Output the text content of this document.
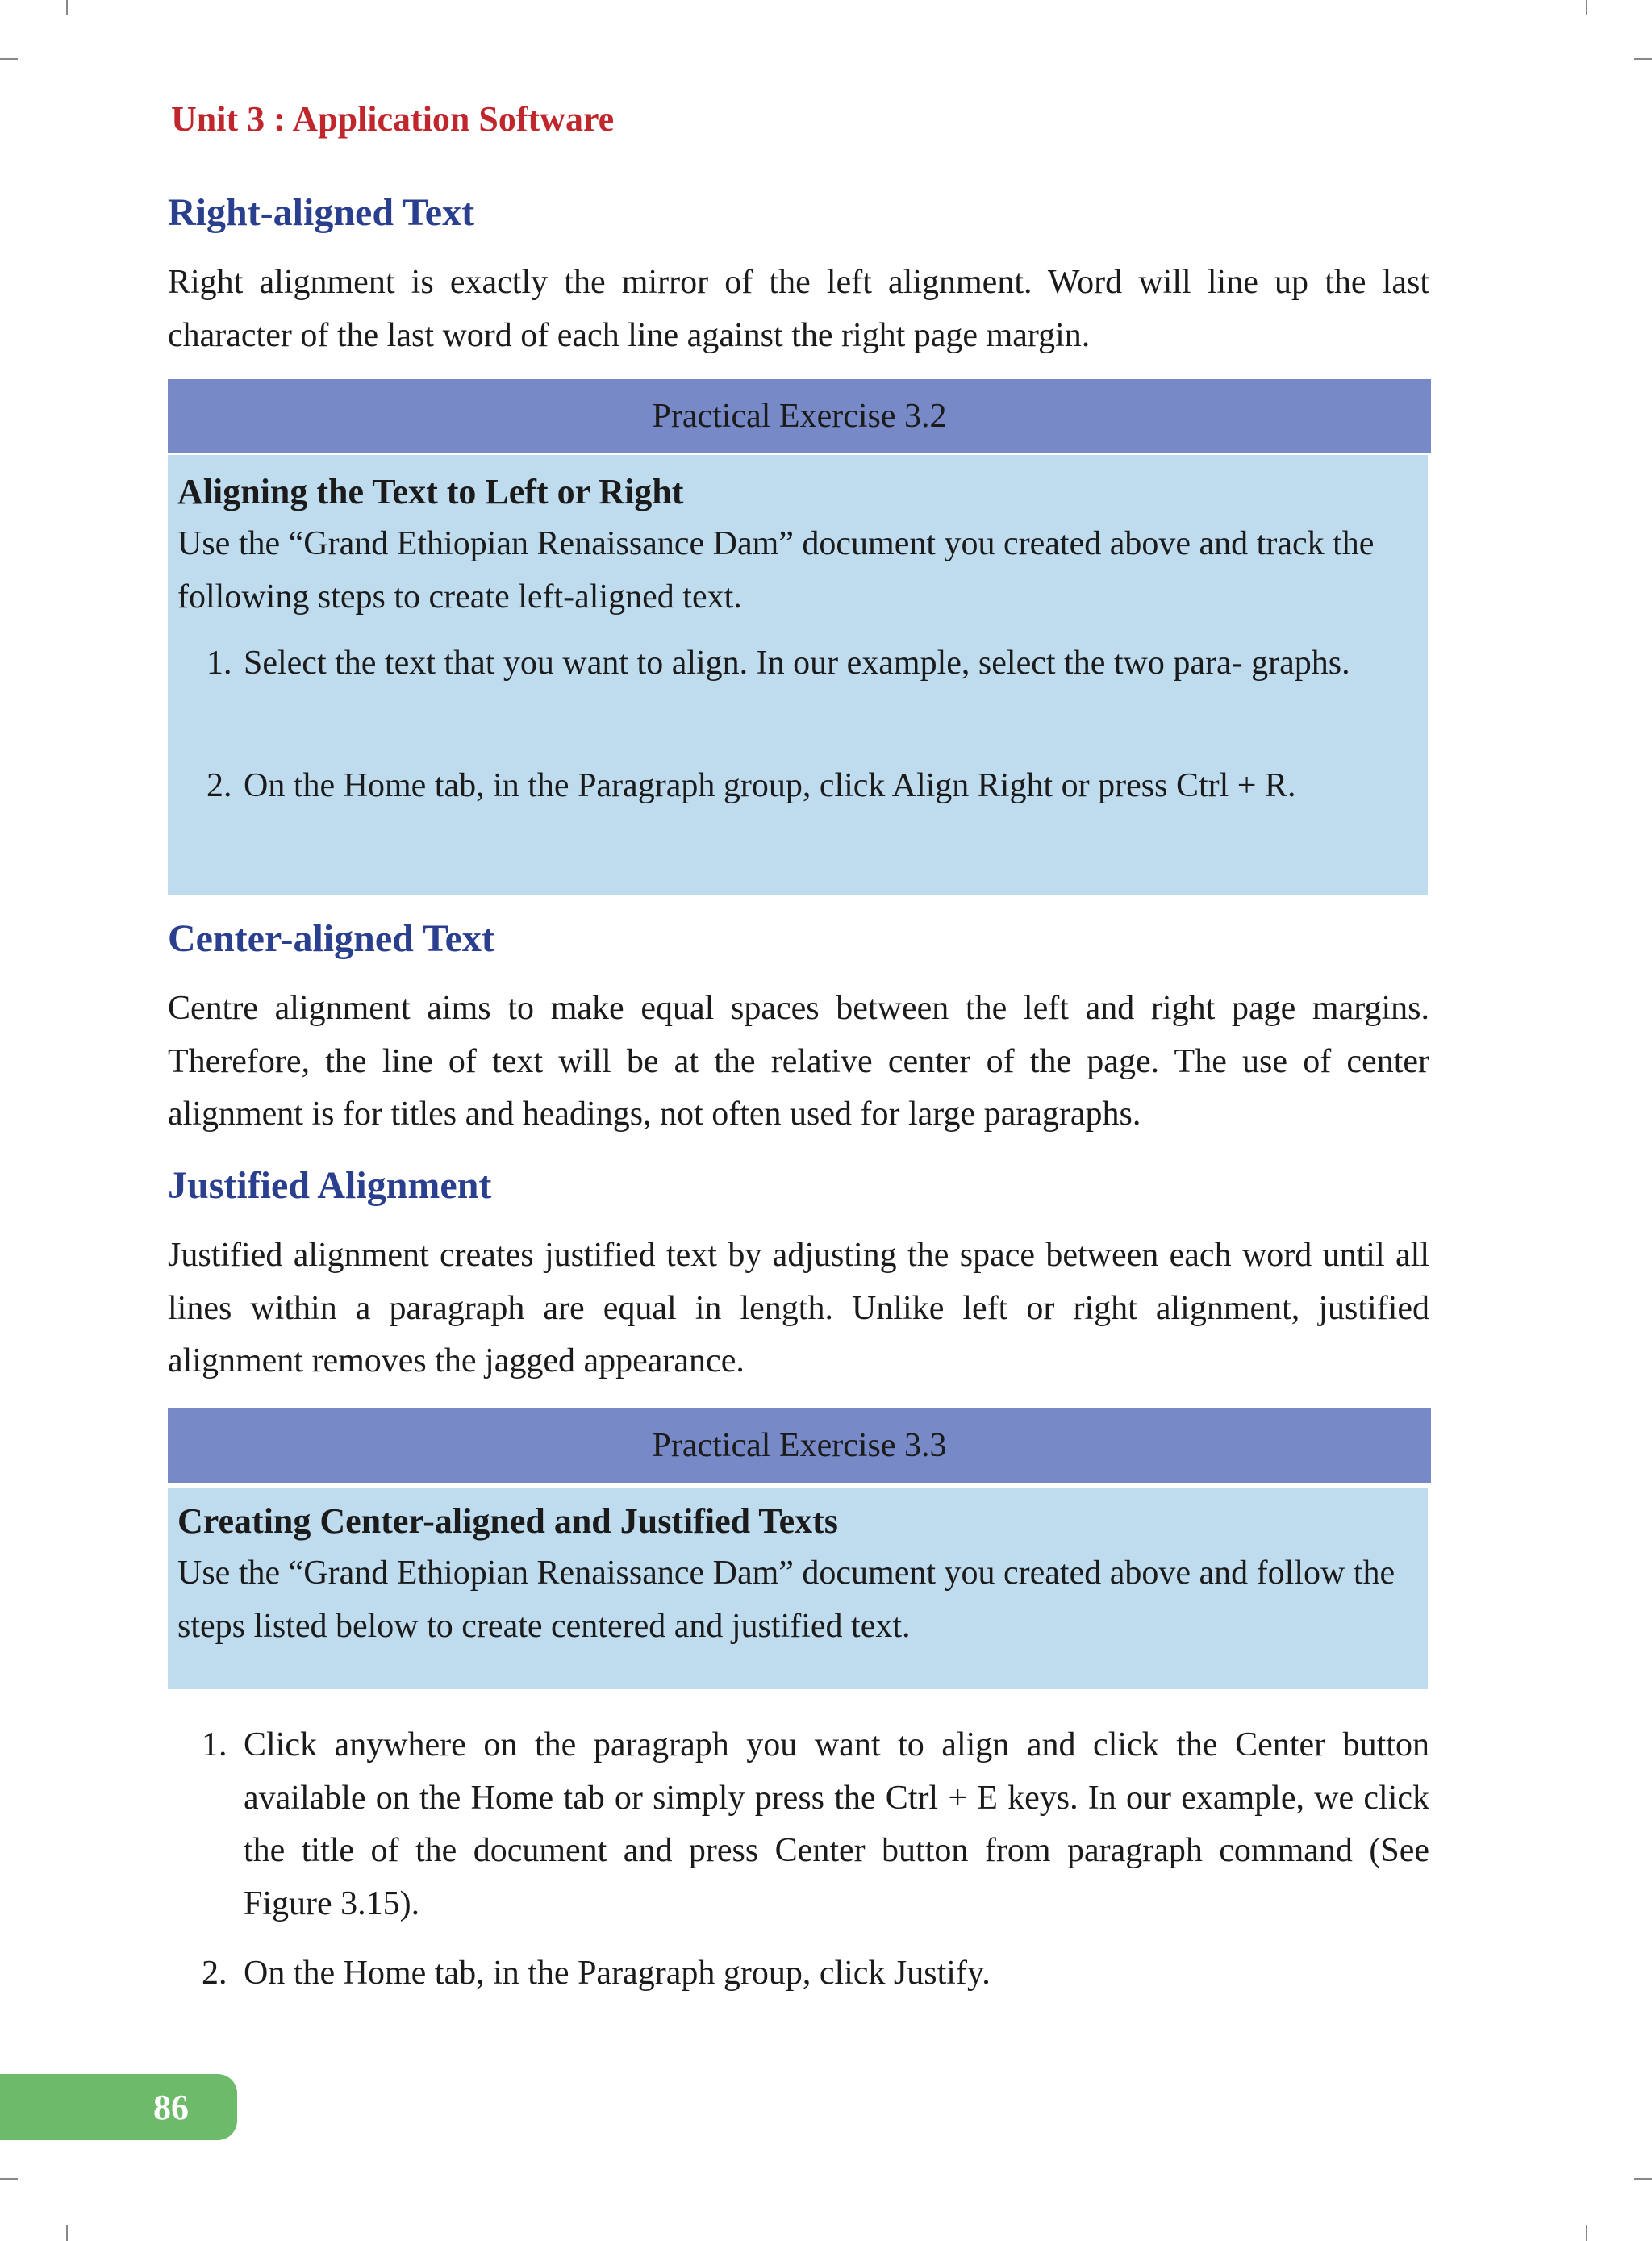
Unit 3 : Application Software
Right-aligned Text

Right alignment is exactly the mirror of the left alignment. Word will line up the last character of the last word of each line against the right page margin.

Practical Exercise 3.2
Aligning the Text to Left or Right

Use the “Grand Ethiopian Renaissance Dam” document you created above and track the following steps to create left-aligned text.

1. Select the text that you want to align. In our example, select the two para- graphs.
2. On the Home tab, in the Paragraph group, click Align Right or press Ctrl + R.
Center-aligned Text

Centre alignment aims to make equal spaces between the left and right page margins. Therefore, the line of text will be at the relative center of the page. The use of center alignment is for titles and headings, not often used for large paragraphs.

Justified Alignment

Justified alignment creates justified text by adjusting the space between each word until all lines within a paragraph are equal in length. Unlike left or right alignment, justified alignment removes the jagged appearance.

Practical Exercise 3.3
Creating Center-aligned and Justified Texts

Use the “Grand Ethiopian Renaissance Dam” document you created above and follow the steps listed below to create centered and justified text.

1. Click anywhere on the paragraph you want to align and click the Center button available on the Home tab or simply press the Ctrl + E keys. In our example, we click the title of the document and press Center button from paragraph command (See Figure 3.15).
2. On the Home tab, in the Paragraph group, click Justify.
86
